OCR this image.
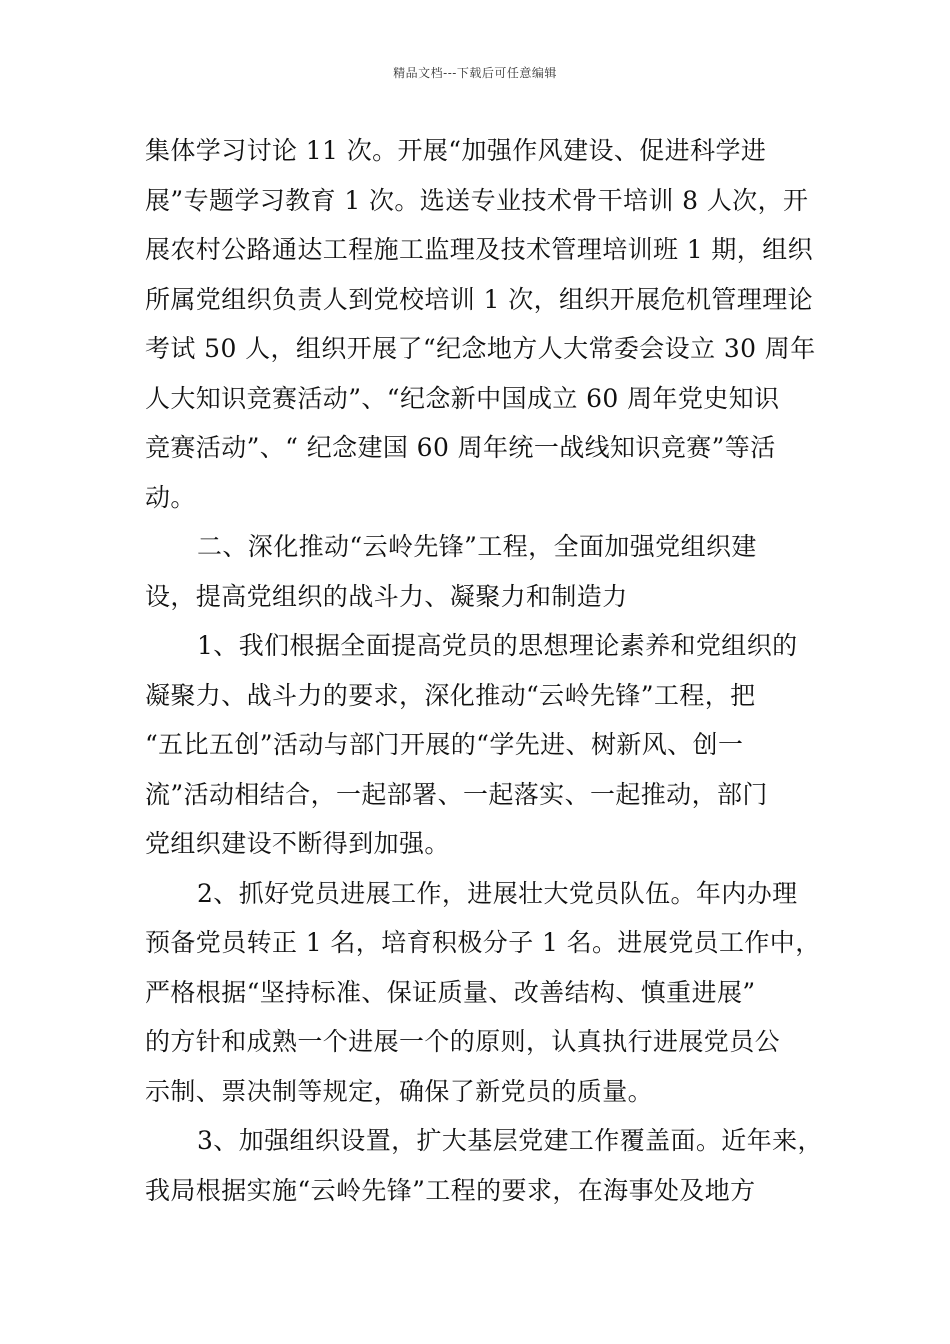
精品文档---下载后可任意编辑
集体学习讨论 11 次。开展“加强作风建设、促进科学进
展”专题学习教育 1 次。选送专业技术骨干培训 8 人次，开
展农村公路通达工程施工监理及技术管理培训班 1 期，组织
所属党组织负责人到党校培训 1 次，组织开展危机管理理论
考试 50 人，组织开展了“纪念地方人大常委会设立 30 周年
人大知识竞赛活动”、“纪念新中国成立 60 周年党史知识
竞赛活动”、“ 纪念建国 60 周年统一战线知识竞赛”等活
动。
二、深化推动“云岭先锋”工程，全面加强党组织建
设，提高党组织的战斗力、凝聚力和制造力
1、我们根据全面提高党员的思想理论素养和党组织的
凝聚力、战斗力的要求，深化推动“云岭先锋”工程，把
“五比五创”活动与部门开展的“学先进、树新风、创一
流”活动相结合，一起部署、一起落实、一起推动，部门
党组织建设不断得到加强。
2、抓好党员进展工作，进展壮大党员队伍。年内办理
预备党员转正 1 名，培育积极分子 1 名。进展党员工作中，
严格根据“坚持标准、保证质量、改善结构、慎重进展”
的方针和成熟一个进展一个的原则，认真执行进展党员公
示制、票决制等规定，确保了新党员的质量。
3、加强组织设置，扩大基层党建工作覆盖面。近年来，
我局根据实施“云岭先锋”工程的要求，在海事处及地方
